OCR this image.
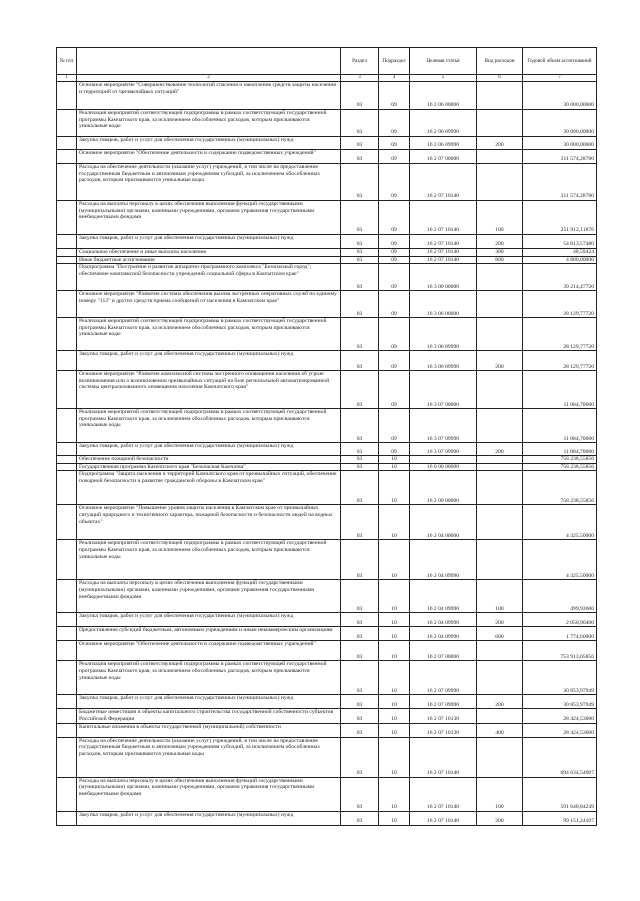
№ п/п		Раздел	Подраздел	Целевая статья	Вид расходов	Годовой объем ассигнований
1	2	3	4	5	6	7
	Основное мероприятие "Совершенствование технологий спасения и накопление средств защиты населения и территорий от чрезвычайных ситуаций"	03	09	16 2 06 00000		30 000,00000
	Реализация мероприятий соответствующей подпрограммы в рамках соответствующей государственной программы Камчатского края, за исключением обособленных расходов, которым присваиваются уникальные коды	03	09	16 2 06 09990		30 000,00000
	Закупка товаров, работ и услуг для обеспечения государственных (муниципальных) нужд	03	09	16 2 06 09990	200	30 000,00000
	Основное мероприятие "Обеспечение деятельности и содержание подведомственных учреждений"	03	09	16 2 07 00000		311 574,28780
	Расходы на обеспечение деятельности (оказание услуг) учреждений, в том числе на предоставление государственным бюджетным и автономным учреждениям субсидий, за исключением обособленных расходов, которым присваиваются уникальные коды	03	09	16 2 07 10140		311 574,28780
	Расходы на выплаты персоналу в целях обеспечения выполнения функций государственными (муниципальными) органами, казенными учреждениями, органами управления государственными внебюджетными фондами	03	09	16 2 07 10140	100	251 912,11876
	Закупка товаров, работ и услуг для обеспечения государственных (муниципальных) нужд	03	09	16 2 07 10140	200	54 813,57480
	Социальное обеспечение и иные выплаты населению	03	09	16 2 07 10140	300	48,59424
	Иные бюджетные ассигнования	03	09	16 2 07 10140	800	4 800,00000
	Подпрограмма "Построение и развитие аппаратно-программного комплекса "Безопасный город", обеспечение комплексной безопасности учреждений социальной сферы в Камчатском крае"	03	09	16 3 00 00000		39 214,47720
	Основное мероприятие "Развитие системы обеспечения вызова экстренных оперативных служб по единому номеру "112" и других средств приема сообщений от населения в Камчатском крае"	03	09	16 3 06 00000		28 129,77720
	Реализация мероприятий соответствующей подпрограммы в рамках соответствующей государственной программы Камчатского края, за исключением обособленных расходов, которым присваиваются уникальные коды	03	09	16 3 06 09990		28 129,77720
	Закупка товаров, работ и услуг для обеспечения государственных (муниципальных) нужд	03	09	16 3 06 09990	200	28 129,77720
	Основное мероприятие "Развитие комплексной системы экстренного оповещения населения об угрозе возникновения или о возникновении чрезвычайных ситуаций на базе региональной автоматизированной системы централизованного оповещения населения Камчатского края"	03	09	16 3 07 00000		11 084,70000
	Реализация мероприятий соответствующей подпрограммы в рамках соответствующей государственной программы Камчатского края, за исключением обособленных расходов, которым присваиваются уникальные коды	03	09	16 3 07 09990		11 084,70000
	Закупка товаров, работ и услуг для обеспечения государственных (муниципальных) нужд	03	09	16 3 07 09990	200	11 084,70000
	Обеспечение пожарной безопасности	03	10			758 238,55856
	Государственная программа Камчатского края "Безопасная Камчатка"	03	10	16 0 00 00000		758 238,55856
	Подпрограмма "Защита населения и территорий Камчатского края от чрезвычайных ситуаций, обеспечение пожарной безопасности и развитие гражданской обороны в Камчатском крае"	03	10	16 2 00 00000		758 238,55856
	Основное мероприятие "Повышение уровня защиты населения в Камчатском крае от чрезвычайных ситуаций природного и техногенного характера, пожарной безопасности и безопасности людей на водных объектах"	03	10	16 2 04 00000		4 325,50000
	Реализация мероприятий соответствующей подпрограммы в рамках соответствующей государственной программы Камчатского края, за исключением обособленных расходов, которым присваиваются уникальные коды	03	10	16 2 04 09990		4 325,50000
	Расходы на выплаты персоналу в целях обеспечения выполнения функций государственными (муниципальными) органами, казенными учреждениями, органами управления государственными внебюджетными фондами	03	10	16 2 04 09990	100	499,93600
	Закупка товаров, работ и услуг для обеспечения государственных (муниципальных) нужд	03	10	16 2 04 09990	200	2 050,96400
	Предоставление субсидий бюджетным, автономным учреждениям и иным некоммерческим организациям	03	10	16 2 04 09990	600	1 774,60000
	Основное мероприятие "Обеспечение деятельности и содержание подведомственных учреждений"	03	10	16 2 07 00000		753 913,05856
	Реализация мероприятий соответствующей подпрограммы в рамках соответствующей государственной программы Камчатского края, за исключением обособленных расходов, которым присваиваются уникальные коды	03	10	16 2 07 09990		30 853,97949
	Закупка товаров, работ и услуг для обеспечения государственных (муниципальных) нужд	03	10	16 2 07 09990	200	30 853,97949
	Бюджетные инвестиции в объекты капитального строительства государственной собственности субъектов Российской Федерации	03	10	16 2 07 10130		28 424,53000
	Капитальные вложения в объекты государственной (муниципальной) собственности	03	10	16 2 07 10130	400	28 424,53000
	Расходы на обеспечение деятельности (оказание услуг) учреждений, в том числе на предоставление государственным бюджетным и автономным учреждениям субсидий, за исключением обособленных расходов, которым присваиваются уникальные коды	03	10	16 2 07 10140		694 634,54907
	Расходы на выплаты персоналу в целях обеспечения выполнения функций государственными (муниципальными) органами, казенными учреждениями, органами управления государственными внебюджетными фондами	03	10	16 2 07 10140	100	591 648,84249
	Закупка товаров, работ и услуг для обеспечения государственных (муниципальных) нужд	03	10	16 2 07 10140	200	99 151,24107
